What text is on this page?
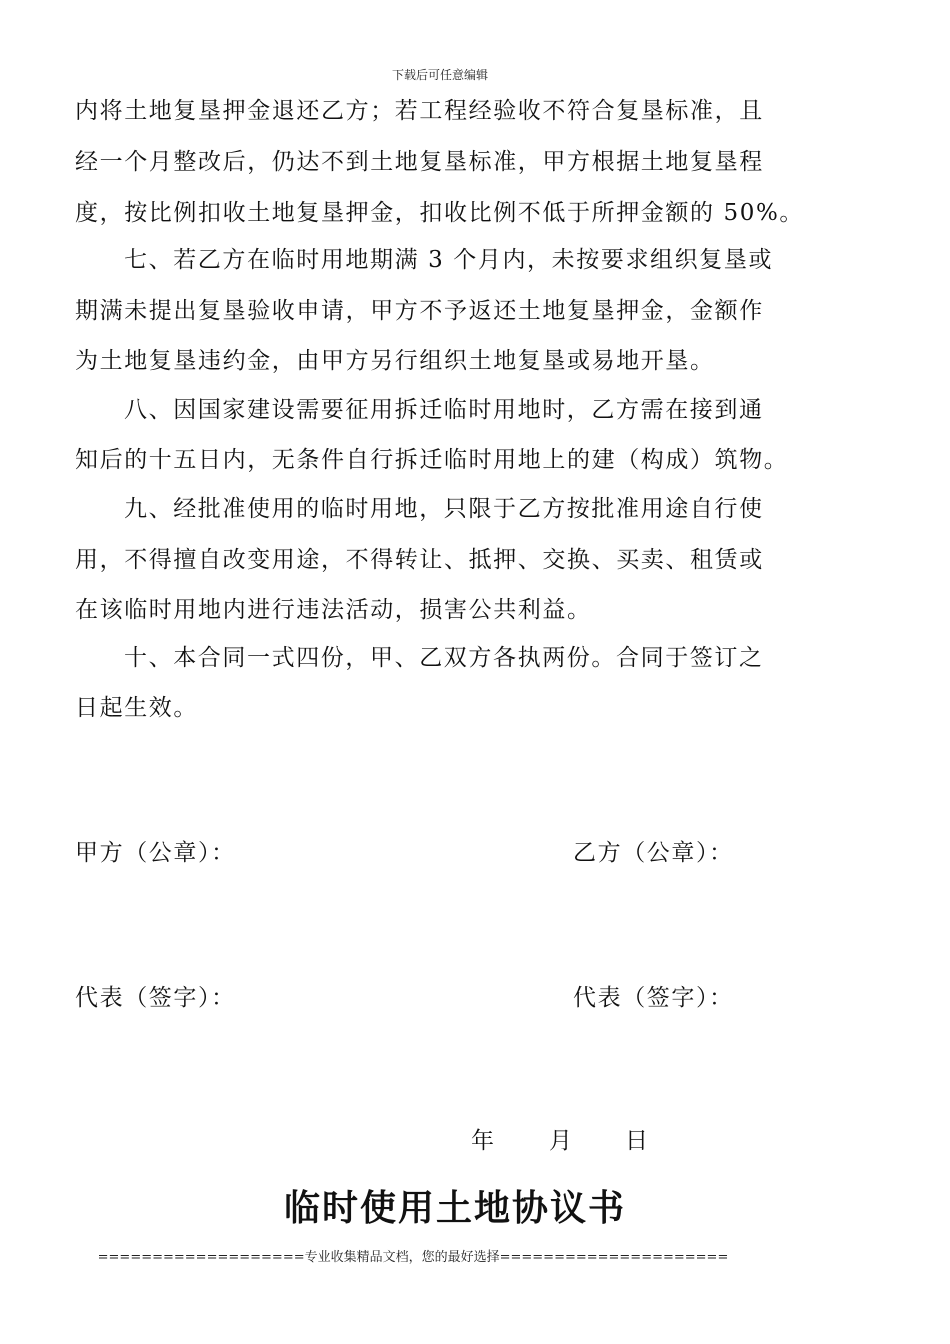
下载后可任意编辑
内将土地复垦押金退还乙方；若工程经验收不符合复垦标准，且
经一个月整改后，仍达不到土地复垦标准，甲方根据土地复垦程
度，按比例扣收土地复垦押金，扣收比例不低于所押金额的 50%。
七、若乙方在临时用地期满 3 个月内，未按要求组织复垦或
期满未提出复垦验收申请，甲方不予返还土地复垦押金，金额作
为土地复垦违约金，由甲方另行组织土地复垦或易地开垦。
八、因国家建设需要征用拆迁临时用地时，乙方需在接到通
知后的十五日内，无条件自行拆迁临时用地上的建（构成）筑物。
九、经批准使用的临时用地，只限于乙方按批准用途自行使
用，不得擅自改变用途，不得转让、抵押、交换、买卖、租赁或
在该临时用地内进行违法活动，损害公共利益。
十、本合同一式四份，甲、乙双方各执两份。合同于签订之
日起生效。
甲方（公章）：	乙方（公章）：
代表（签字）：	代表（签字）：
年 月 日
临时使用土地协议书
===================专业收集精品文档，您的最好选择=====================
